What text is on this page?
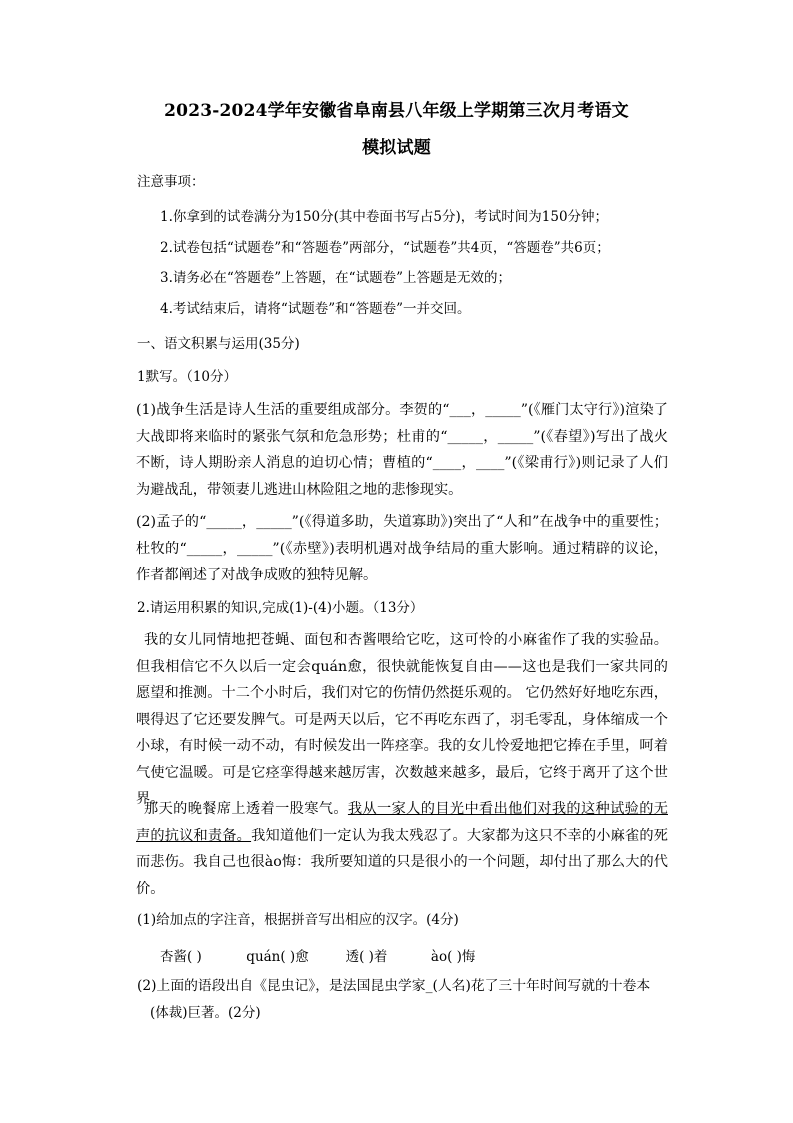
2023-2024学年安徽省阜南县八年级上学期第三次月考语文
模拟试题
注意事项：
1.你拿到的试卷满分为150分(其中卷面书写占5分)，考试时间为150分钟；
2.试卷包括“试题卷”和“答题卷”两部分，“试题卷”共4页，“答题卷”共6页；
3.请务必在“答题卷”上答题，在“试题卷”上答题是无效的；
4.考试结束后，请将“试题卷”和“答题卷”一并交回。
一、语文积累与运用(35分)
1默写。（10分）

(1)战争生活是诗人生活的重要组成部分。李贺的“___，_____”(《雁门太守行》)渲染了大战即将来临时的紧张气氛和危急形势；杜甫的“_____，_____”(《春望》)写出了战火不断，诗人期盼亲人消息的迫切心情；曹植的“____，____”(《梁甫行》)则记录了人们为避战乱，带领妻儿逃进山林险阻之地的悲惨现实。

(2)孟子的“_____，_____”(《得道多助，失道寡助》)突出了“人和”在战争中的重要性；杜牧的“_____，_____”(《赤壁》)表明机遇对战争结局的重大影响。通过精辟的议论，作者都阐述了对战争成败的独特见解。

2.请运用积累的知识,完成(1)-(4)小题。（13分）

我的女儿同情地把苍蝇、面包和杏酱喂给它吃，这可怜的小麻雀作了我的实验品。但我相信它不久以后一定会quán愈，很快就能恢复自由——这也是我们一家共同的愿望和推测。十二个小时后，我们对它的伤情仍然挺乐观的。 它仍然好好地吃东西，喂得迟了它还要发脾气。可是两天以后，它不再吃东西了，羽毛零乱，身体缩成一个小球，有时候一动不动，有时候发出一阵痉挛。我的女儿怜爱地把它捧在手里，呵着气使它温暖。可是它痉挛得越来越厉害，次数越来越多，最后，它终于离开了这个世界。

那天的晚餐席上透着一股寒气。我从一家人的目光中看出他们对我的这种试验的无声的抗议和责备。我知道他们一定认为我太残忍了。大家都为这只不幸的小麻雀的死而悲伤。我自己也很ào悔：我所要知道的只是很小的一个问题，却付出了那么大的代价。

(1)给加点的字注音，根据拼音写出相应的汉字。(4分)
杏酱( )	quán( )愈	透( )着	ào( )悔
(2)上面的语段出自《昆虫记》，是法国昆虫学家_(人名)花了三十年时间写就的十卷本
(体裁)巨著。(2分)
